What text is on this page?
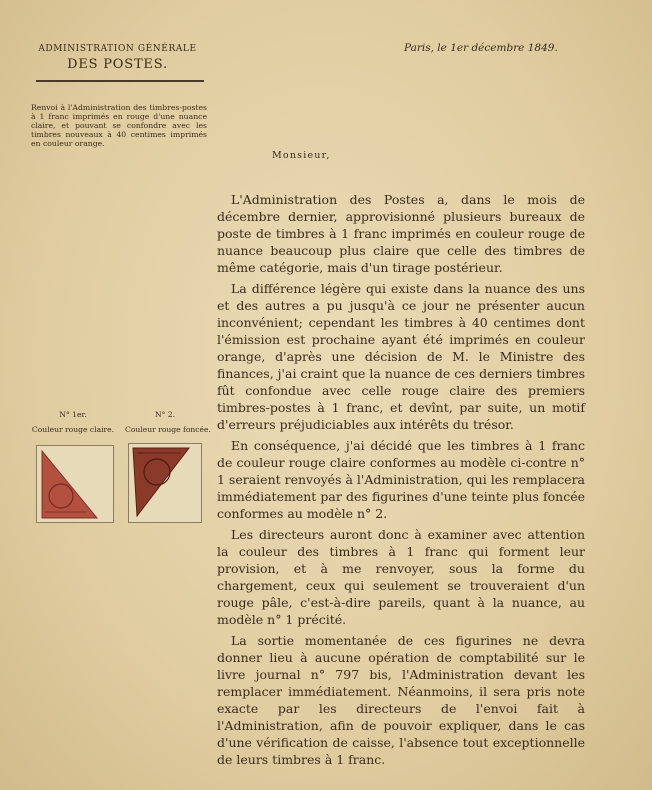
ADMINISTRATION GÉNÉRALE
DES POSTES.
Paris, le 1er décembre 1849.
Renvoi à l'Administration des timbres-postes à 1 franc imprimés en rouge d'une nuance claire, et pouvant se confondre avec les timbres nouveaux à 40 centimes imprimés en couleur orange.
Monsieur,

L'Administration des Postes a, dans le mois de décembre dernier, approvisionné plusieurs bureaux de poste de timbres à 1 franc imprimés en couleur rouge de nuance beaucoup plus claire que celle des timbres de même catégorie, mais d'un tirage postérieur.

La différence légère qui existe dans la nuance des uns et des autres a pu jusqu'à ce jour ne présenter aucun inconvénient; cependant les timbres à 40 centimes dont l'émission est prochaine ayant été imprimés en couleur orange, d'après une décision de M. le Ministre des finances, j'ai craint que la nuance de ces derniers timbres fût confondue avec celle rouge claire des premiers timbres-postes à 1 franc, et devînt, par suite, un motif d'erreurs préjudiciables aux intérêts du trésor.

En conséquence, j'ai décidé que les timbres à 1 franc de couleur rouge claire conformes au modèle ci-contre n° 1 seraient renvoyés à l'Administration, qui les remplacera immédiatement par des figurines d'une teinte plus foncée conformes au modèle n° 2.

Les directeurs auront donc à examiner avec attention la couleur des timbres à 1 franc qui forment leur provision, et à me renvoyer, sous la forme du chargement, ceux qui seulement se trouveraient d'un rouge pâle, c'est-à-dire pareils, quant à la nuance, au modèle n° 1 précité.

La sortie momentanée de ces figurines ne devra donner lieu à aucune opération de comptabilité sur le livre journal n° 797 bis, l'Administration devant les remplacer immédiatement. Néanmoins, il sera pris note exacte par les directeurs de l'envoi fait à l'Administration, afin de pouvoir expliquer, dans le cas d'une vérification de caisse, l'absence tout exceptionnelle de leurs timbres à 1 franc.

N° 1er.
Couleur rouge claire.
N° 2.
Couleur rouge foncée.
